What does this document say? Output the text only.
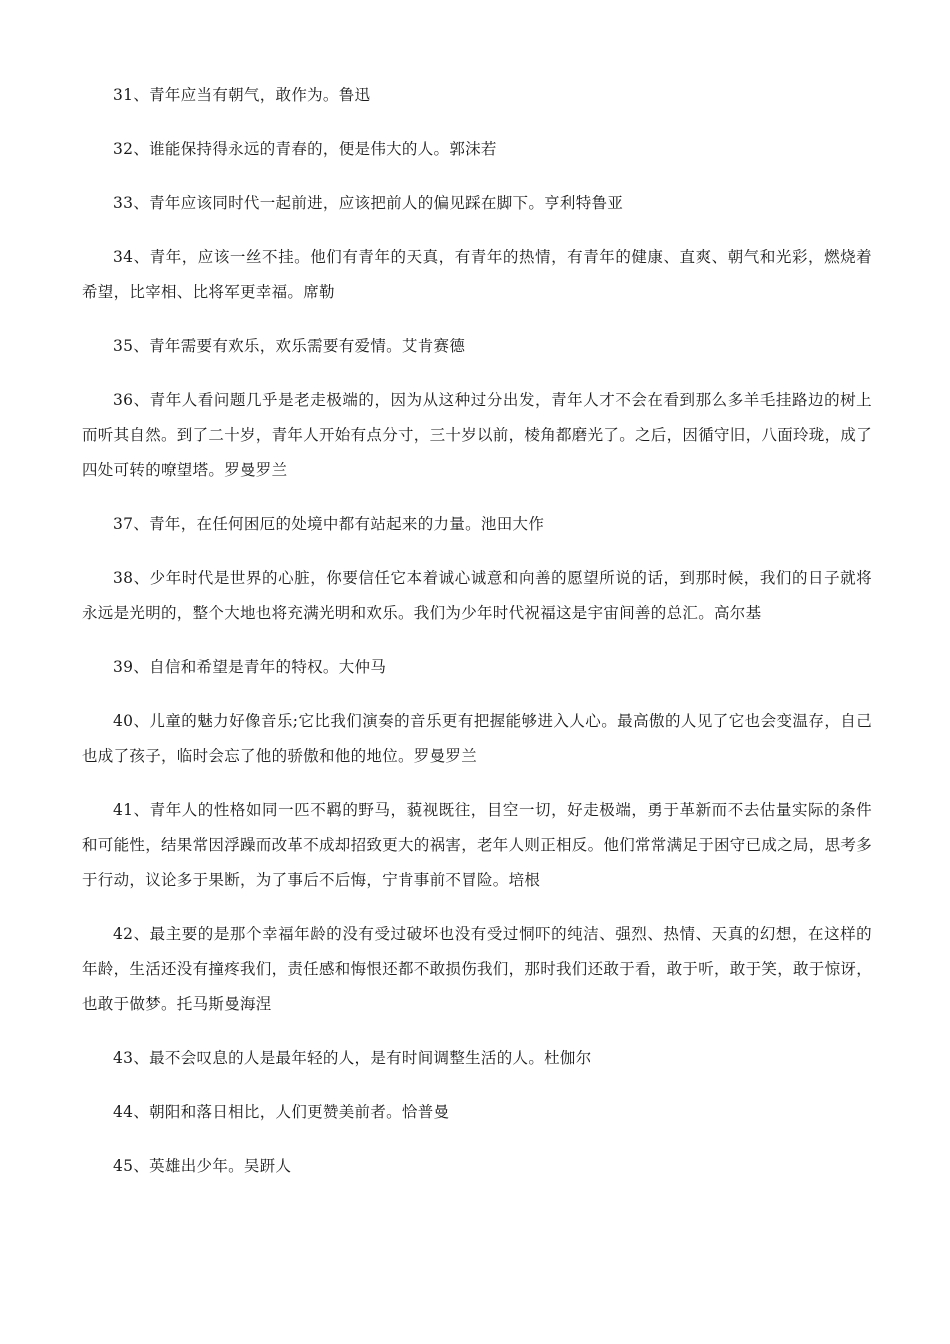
31、青年应当有朝气，敢作为。鲁迅

32、谁能保持得永远的青春的，便是伟大的人。郭沫若

33、青年应该同时代一起前进，应该把前人的偏见踩在脚下。亨利特鲁亚

34、青年，应该一丝不挂。他们有青年的天真，有青年的热情，有青年的健康、直爽、朝气和光彩，燃烧着希望，比宰相、比将军更幸福。席勒

35、青年需要有欢乐，欢乐需要有爱情。艾肯赛德

36、青年人看问题几乎是老走极端的，因为从这种过分出发，青年人才不会在看到那么多羊毛挂路边的树上而听其自然。到了二十岁，青年人开始有点分寸，三十岁以前，棱角都磨光了。之后，因循守旧，八面玲珑，成了四处可转的嘹望塔。罗曼罗兰

37、青年，在任何困厄的处境中都有站起来的力量。池田大作

38、少年时代是世界的心脏，你要信任它本着诚心诚意和向善的愿望所说的话，到那时候，我们的日子就将永远是光明的，整个大地也将充满光明和欢乐。我们为少年时代祝福这是宇宙间善的总汇。高尔基

39、自信和希望是青年的特权。大仲马

40、儿童的魅力好像音乐;它比我们演奏的音乐更有把握能够进入人心。最高傲的人见了它也会变温存，自己也成了孩子，临时会忘了他的骄傲和他的地位。罗曼罗兰

41、青年人的性格如同一匹不羁的野马，藐视既往，目空一切，好走极端，勇于革新而不去估量实际的条件和可能性，结果常因浮躁而改革不成却招致更大的祸害，老年人则正相反。他们常常满足于困守已成之局，思考多于行动，议论多于果断，为了事后不后悔，宁肯事前不冒险。培根

42、最主要的是那个幸福年龄的没有受过破坏也没有受过恫吓的纯洁、强烈、热情、天真的幻想，在这样的年龄，生活还没有撞疼我们，责任感和悔恨还都不敢损伤我们，那时我们还敢于看，敢于听，敢于笑，敢于惊讶，也敢于做梦。托马斯曼海涅

43、最不会叹息的人是最年轻的人，是有时间调整生活的人。杜伽尔

44、朝阳和落日相比，人们更赞美前者。恰普曼

45、英雄出少年。吴趼人
